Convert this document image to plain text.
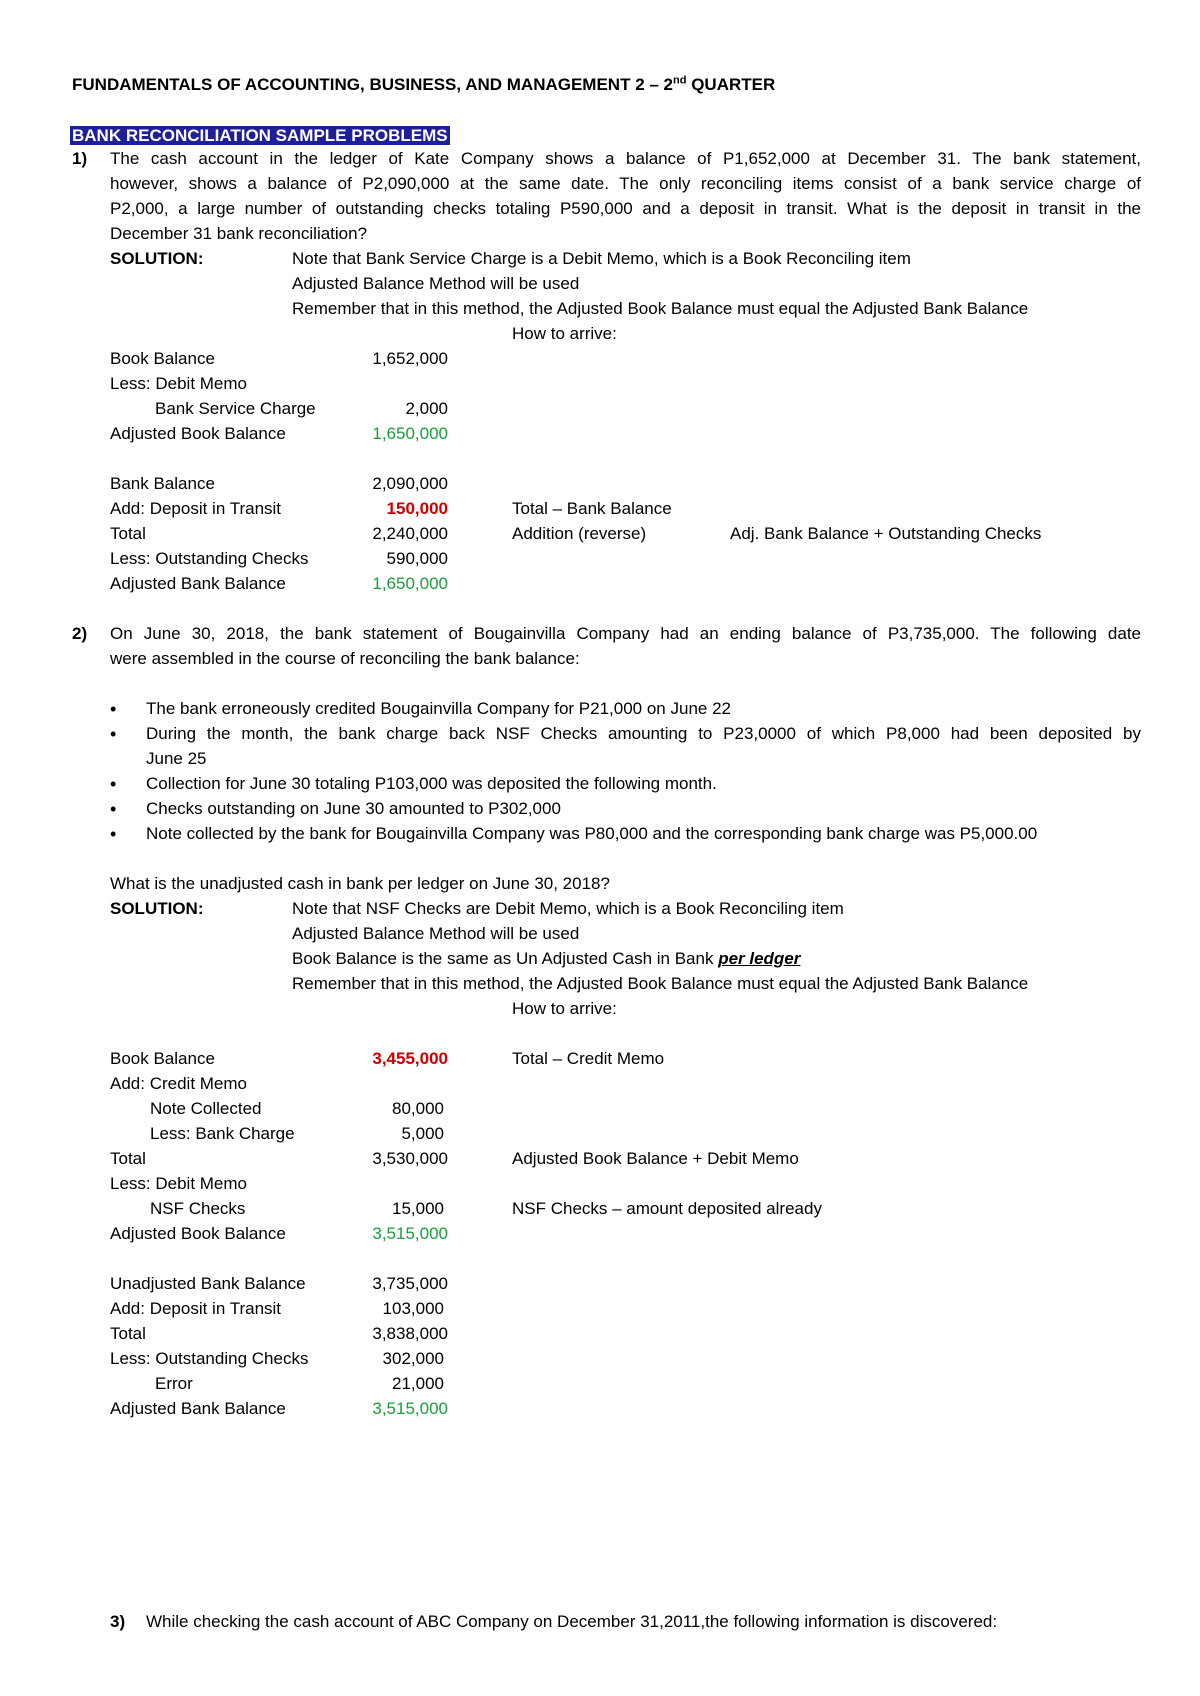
FUNDAMENTALS OF ACCOUNTING, BUSINESS, AND MANAGEMENT 2 – 2nd QUARTER
BANK RECONCILIATION SAMPLE PROBLEMS
1) The cash account in the ledger of Kate Company shows a balance of P1,652,000 at December 31. The bank statement,
however, shows a balance of P2,090,000 at the same date. The only reconciling items consist of a bank service charge of
P2,000, a large number of outstanding checks totaling P590,000 and a deposit in transit. What is the deposit in transit in the
December 31 bank reconciliation?
SOLUTION:	Note that Bank Service Charge is a Debit Memo, which is a Book Reconciling item
Adjusted Balance Method will be used
Remember that in this method, the Adjusted Book Balance must equal the Adjusted Bank Balance
How to arrive:
Book Balance	1,652,000
Less: Debit Memo
Bank Service Charge	2,000
Adjusted Book Balance	1,650,000
Bank Balance	2,090,000
Add: Deposit in Transit	150,000	Total – Bank Balance
Total	2,240,000	Addition (reverse)	Adj. Bank Balance + Outstanding Checks
Less: Outstanding Checks	590,000
Adjusted Bank Balance	1,650,000
2) On June 30, 2018, the bank statement of Bougainvilla Company had an ending balance of P3,735,000. The following date
were assembled in the course of reconciling the bank balance:
• The bank erroneously credited Bougainvilla Company for P21,000 on June 22
• During the month, the bank charge back NSF Checks amounting to P23,0000 of which P8,000 had been deposited by
June 25
• Collection for June 30 totaling P103,000 was deposited the following month.
• Checks outstanding on June 30 amounted to P302,000
• Note collected by the bank for Bougainvilla Company was P80,000 and the corresponding bank charge was P5,000.00
What is the unadjusted cash in bank per ledger on June 30, 2018?
SOLUTION:	Note that NSF Checks are Debit Memo, which is a Book Reconciling item
Adjusted Balance Method will be used
Book Balance is the same as Un Adjusted Cash in Bank per ledger
Remember that in this method, the Adjusted Book Balance must equal the Adjusted Bank Balance
How to arrive:
Book Balance	3,455,000	Total – Credit Memo
Add: Credit Memo
Note Collected	80,000
Less: Bank Charge	5,000
Total	3,530,000	Adjusted Book Balance + Debit Memo
Less: Debit Memo
NSF Checks	15,000	NSF Checks – amount deposited already
Adjusted Book Balance	3,515,000
Unadjusted Bank Balance	3,735,000
Add: Deposit in Transit	103,000
Total	3,838,000
Less: Outstanding Checks	302,000
Error	21,000
Adjusted Bank Balance	3,515,000
3) While checking the cash account of ABC Company on December 31,2011,the following information is discovered:
